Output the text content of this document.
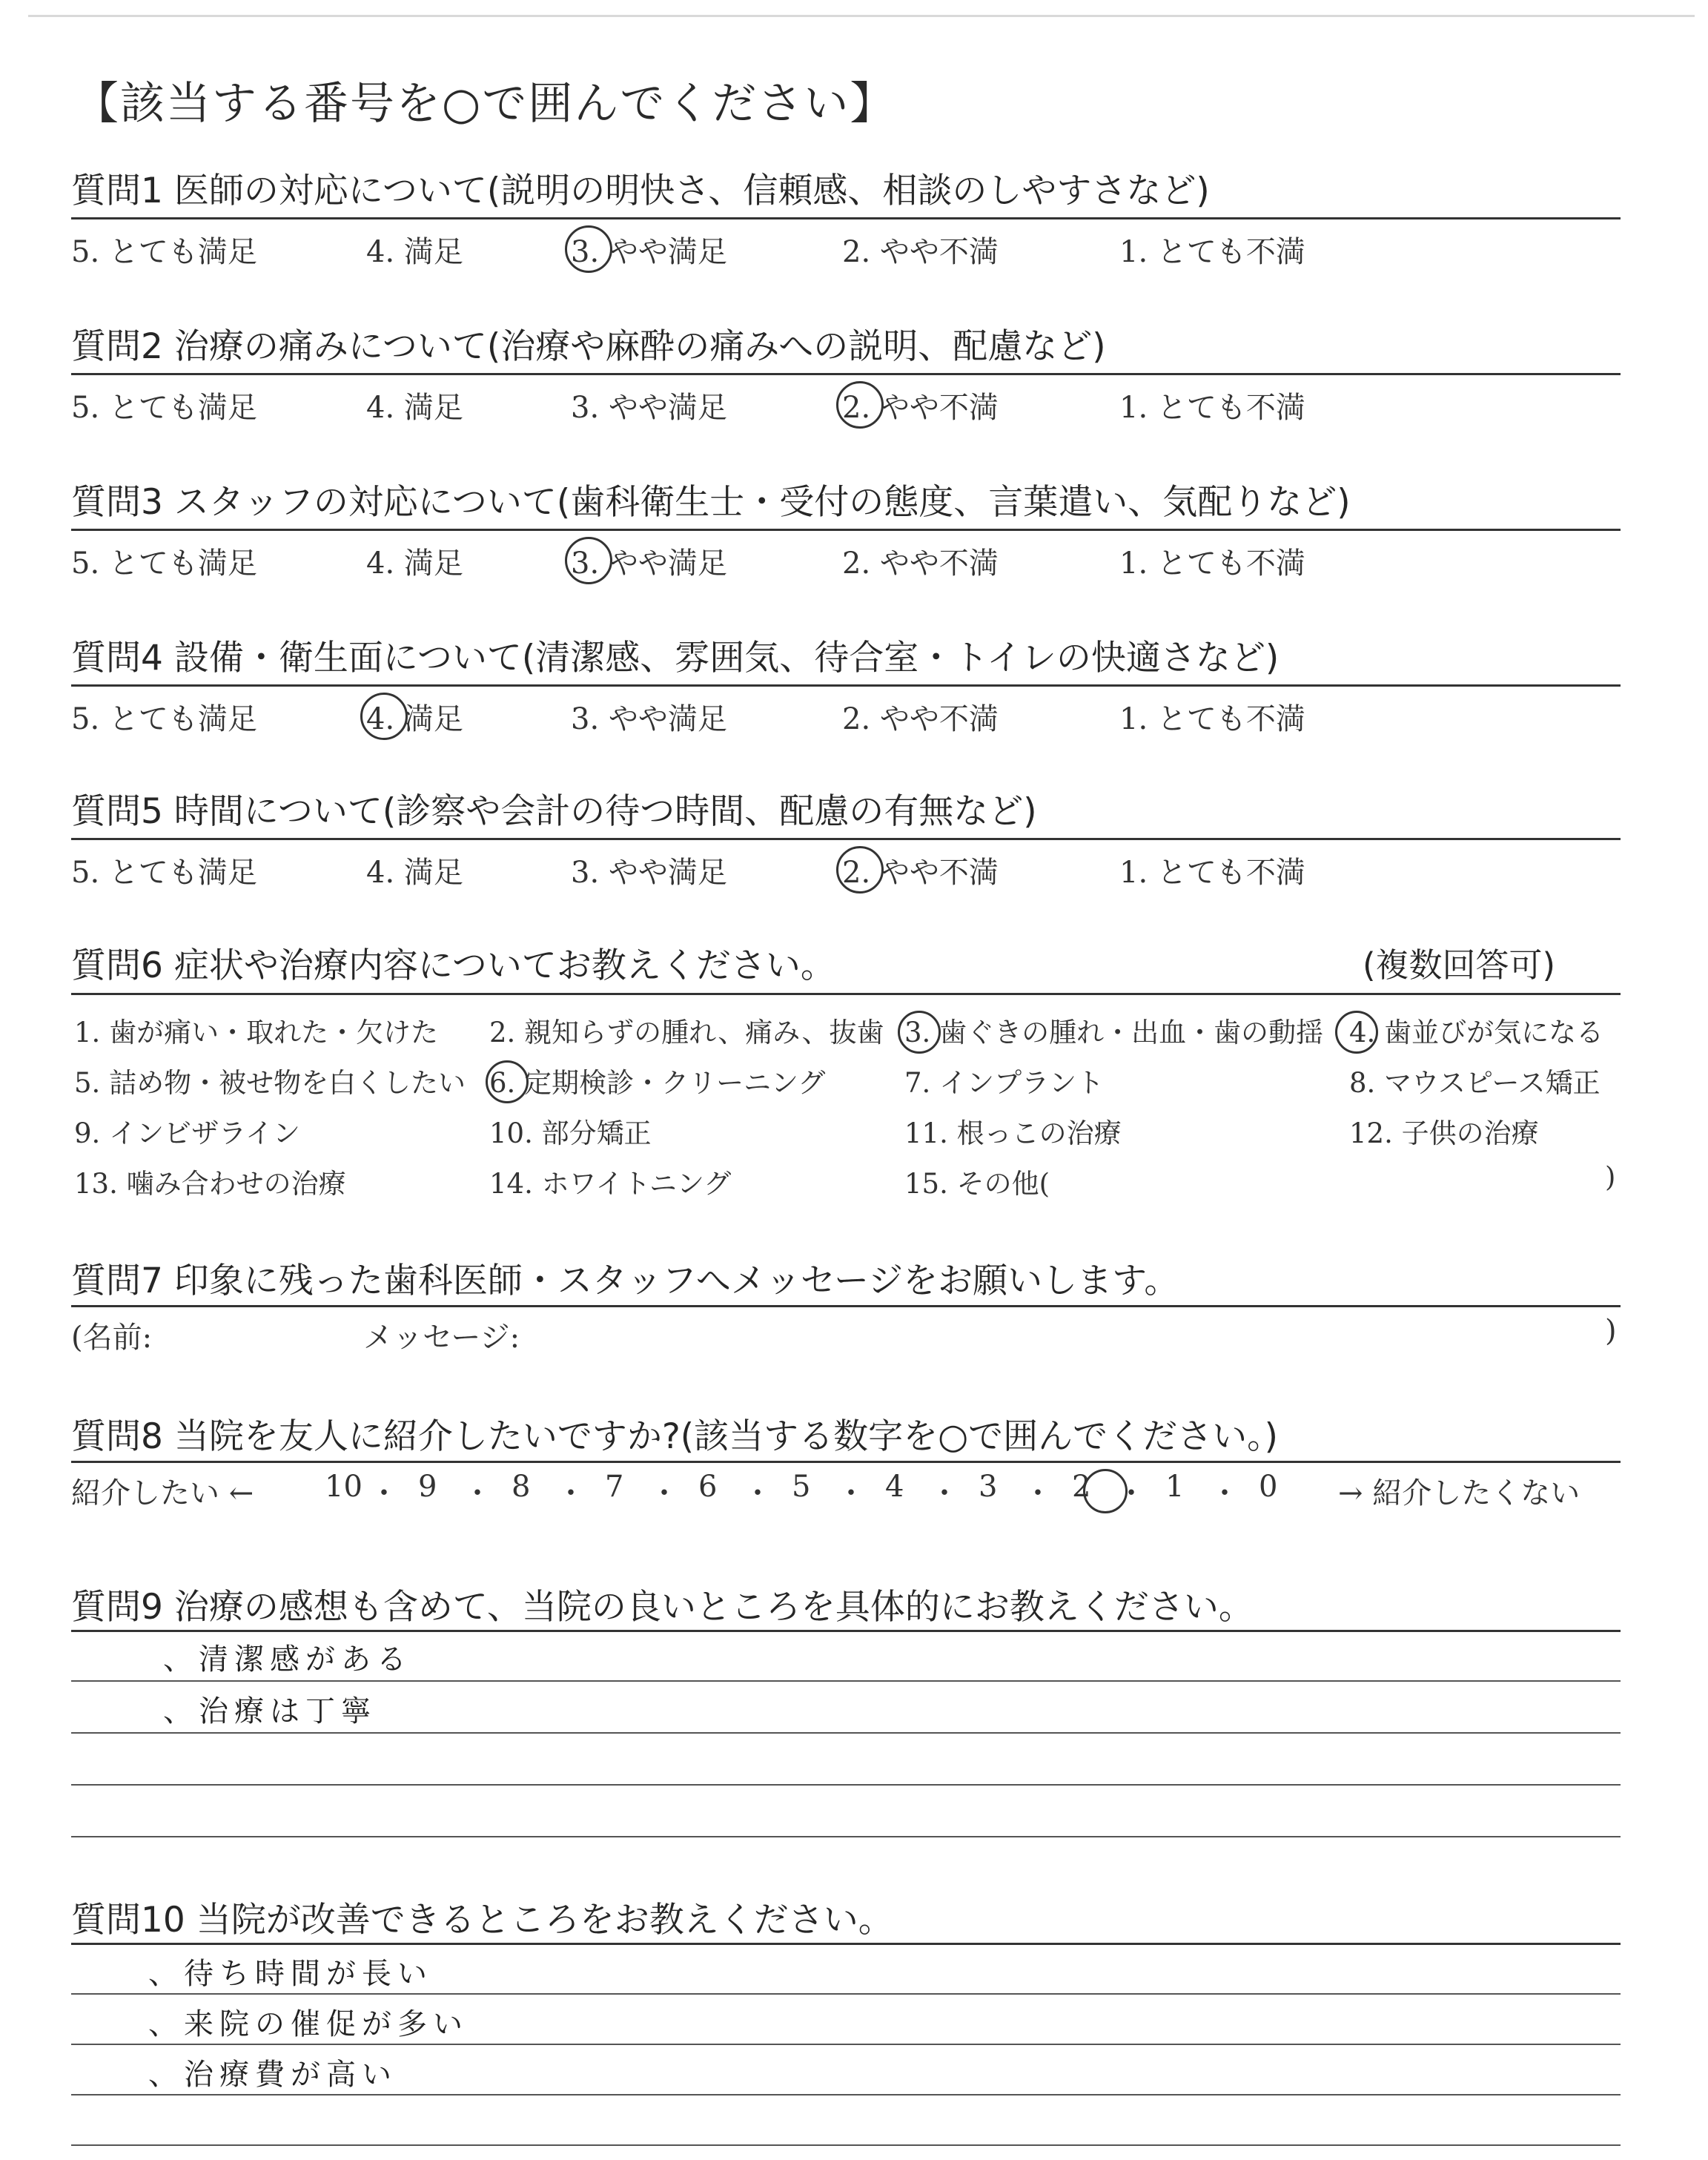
【該当する番号を○で囲んでください】
質問1 医師の対応について(説明の明快さ、信頼感、相談のしやすさなど)
5. とても満足	4. 満足	3. やや満足	2. やや不満	1. とても不満
質問2 治療の痛みについて(治療や麻酔の痛みへの説明、配慮など)
5. とても満足	4. 満足	3. やや満足	2. やや不満	1. とても不満
質問3 スタッフの対応について(歯科衛生士・受付の態度、言葉遣い、気配りなど)
5. とても満足	4. 満足	3. やや満足	2. やや不満	1. とても不満
質問4 設備・衛生面について(清潔感、雰囲気、待合室・トイレの快適さなど)
5. とても満足	4. 満足	3. やや満足	2. やや不満	1. とても不満
質問5 時間について(診察や会計の待つ時間、配慮の有無など)
5. とても満足	4. 満足	3. やや満足	2. やや不満	1. とても不満
質問6 症状や治療内容についてお教えください。	(複数回答可)
1. 歯が痛い・取れた・欠けた 2. 親知らずの腫れ、痛み、抜歯 3. 歯ぐきの腫れ・出血・歯の動揺 4. 歯並びが気になる
5. 詰め物・被せ物を白くしたい 6. 定期検診・クリーニング	7. インプラント	8. マウスピース矯正
9. インビザライン	10. 部分矯正	11. 根っこの治療	12. 子供の治療
13. 噛み合わせの治療	14. ホワイトニング	15. その他(	)
質問7 印象に残った歯科医師・スタッフへメッセージをお願いします。
(名前:	メッセージ:	)
質問8 当院を友人に紹介したいですか?(該当する数字を○で囲んでください。)
紹介したい ←	→ 紹介したくない
10 ・ 9 ・ 8 ・ 7 ・ 6 ・ 5 ・ 4 ・ 3 ・ 2 ・ 1 ・ 0
質問9 治療の感想も含めて、当院の良いところを具体的にお教えください。
、清潔感がある
、治療は丁寧
質問10 当院が改善できるところをお教えください。
、待ち時間が長い
、来院の催促が多い
、治療費が高い
